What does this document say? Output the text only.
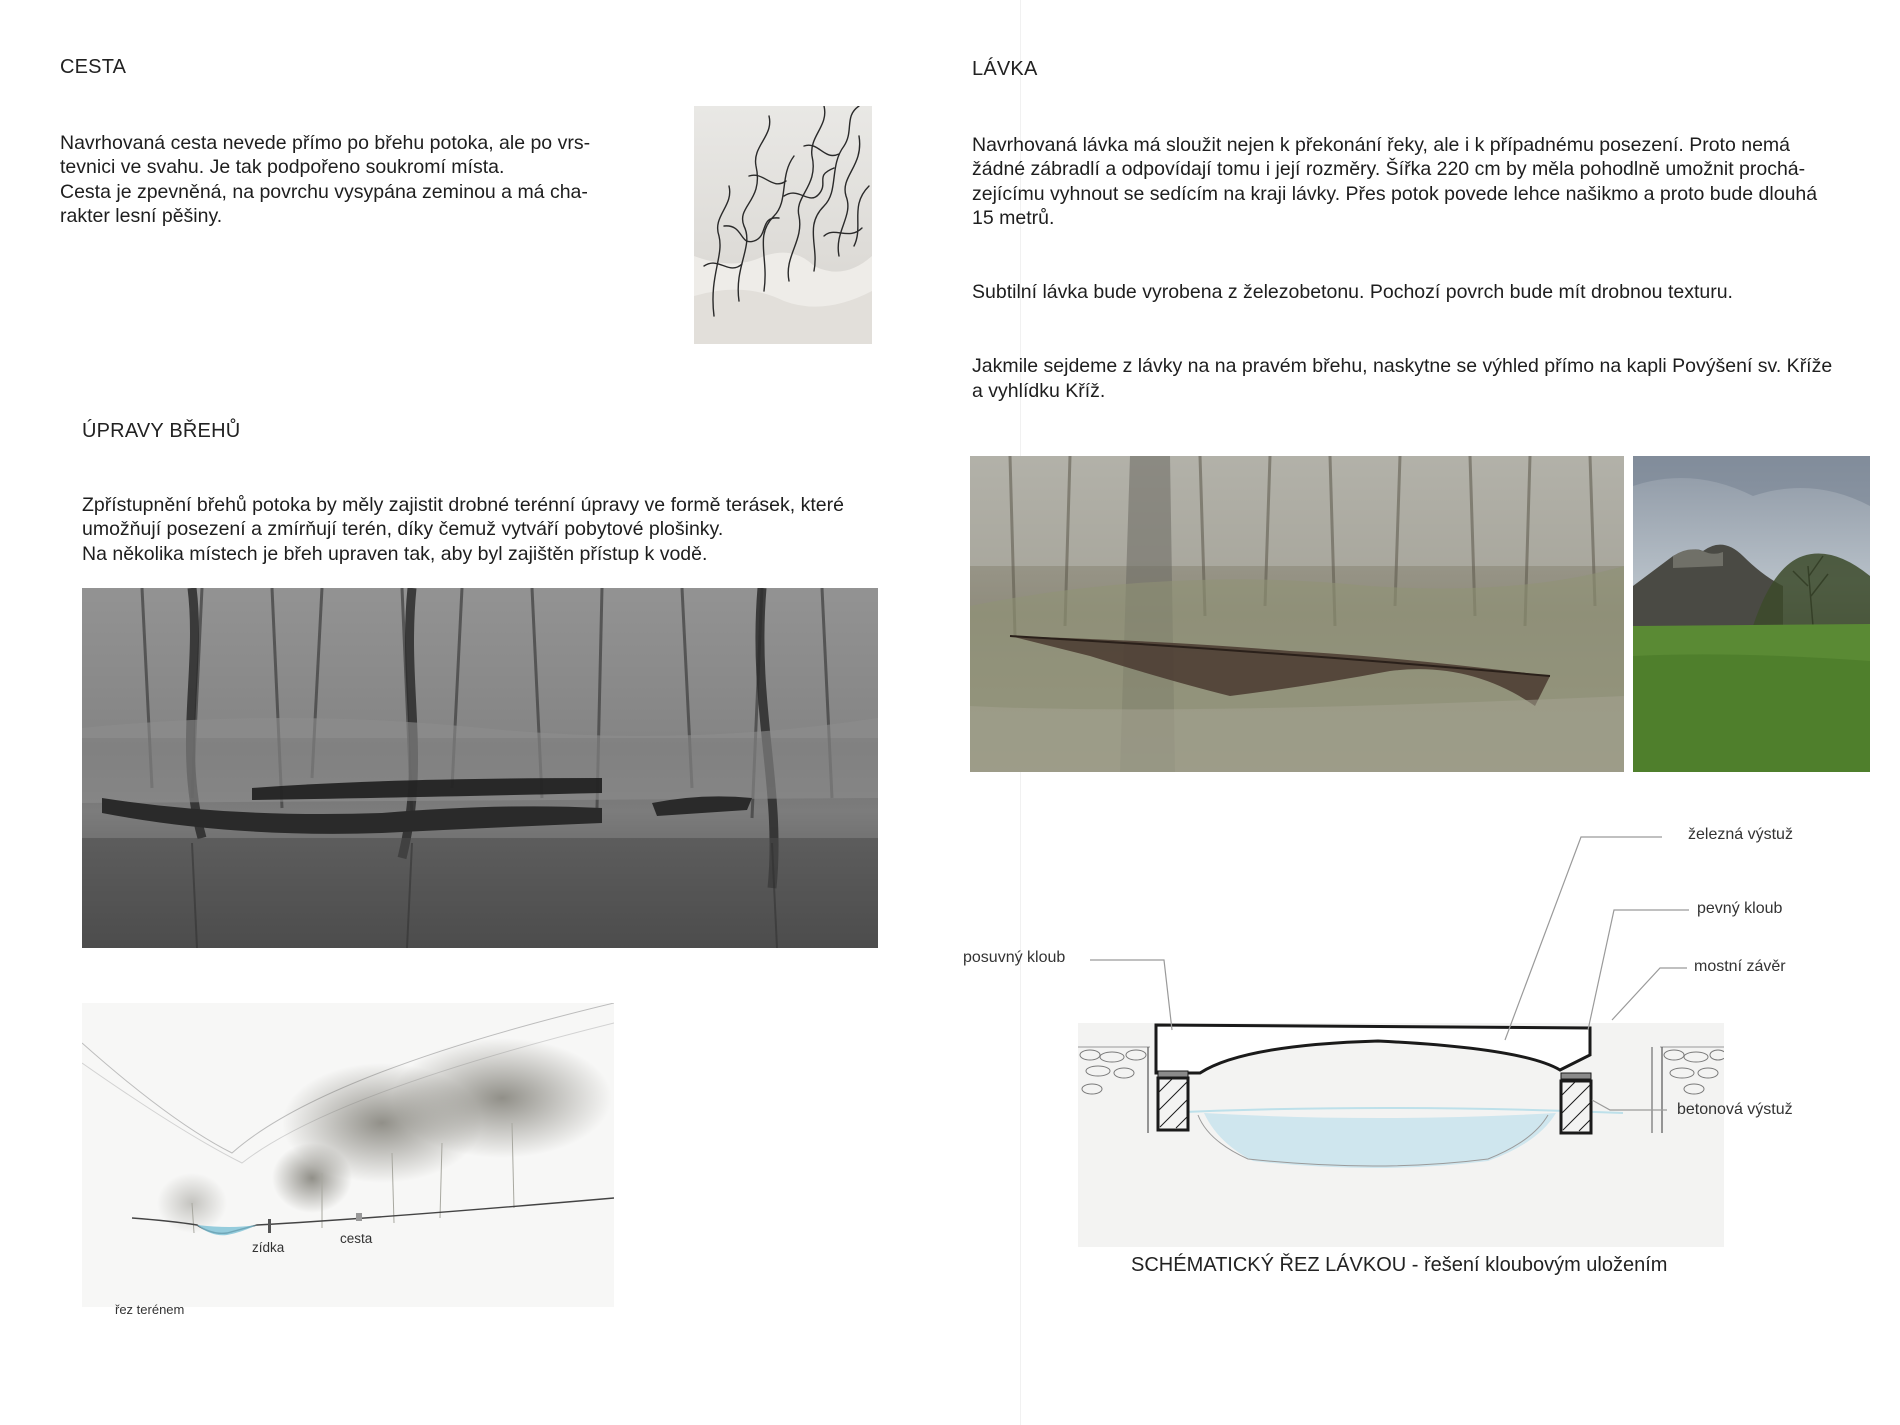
CESTA

Navrhovaná cesta nevede přímo po břehu potoka, ale po vrs-
tevnici ve svahu. Je tak podpořeno soukromí místa.
Cesta je zpevněná, na povrchu vysypána zeminou a má cha-
rakter lesní pěšiny.

ÚPRAVY BŘEHŮ

Zpřístupnění břehů potoka by měly zajistit drobné terénní úpravy ve formě terásek, které
umožňují posezení a zmírňují terén, díky čemuž vytváří pobytové plošinky.
Na několika místech je břeh upraven tak, aby byl zajištěn přístup k vodě.

zídka
cesta
řez terénem
LÁVKA

Navrhovaná lávka má sloužit nejen k překonání řeky, ale i k případnému posezení. Proto nemá
žádné zábradlí a odpovídají tomu i její rozměry. Šířka 220 cm by měla pohodlně umožnit prochá-
zejícímu vyhnout se sedícím na kraji lávky. Přes potok povede lehce našikmo a proto bude dlouhá
15 metrů.

Subtilní lávka bude vyrobena z železobetonu. Pochozí povrch bude mít drobnou texturu.

Jakmile sejdeme z lávky na na pravém břehu, naskytne se výhled přímo na kapli Povýšení sv. Kříže
a vyhlídku Kříž.

železná výstuž
pevný kloub
mostní závěr
posuvný kloub
betonová výstuž
SCHÉMATICKÝ ŘEZ LÁVKOU - řešení kloubovým uložením
